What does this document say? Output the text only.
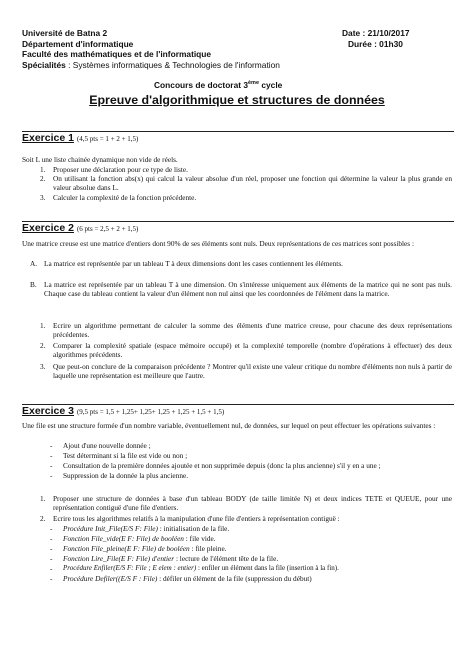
Université de Batna 2
Département d'informatique
Faculté des mathématiques et de l'informatique
Spécialités : Systèmes informatiques & Technologies de l'information
Date : 21/10/2017
Durée : 01h30
Concours de doctorat 3ème cycle
Epreuve d'algorithmique et structures de données
Exercice 1 (4,5 pts = 1 + 2 + 1,5)
Soit L une liste chainée dynamique non vide de réels.
1. Proposer une déclaration pour ce type de liste.
2. On utilisant la fonction abs(x) qui calcul la valeur absolue d'un réel, proposer une fonction qui détermine la valeur la plus grande en valeur absolue dans L.
3. Calculer la complexité de la fonction précédente.
Exercice 2 (6 pts = 2,5 + 2 + 1,5)
Une matrice creuse est une matrice d'entiers dont 90% de ses éléments sont nuls. Deux représentations de ces matrices sont possibles :
A. La matrice est représentée par un tableau T à deux dimensions dont les cases contiennent les éléments.
B. La matrice est représentée par un tableau T à une dimension. On s'intéresse uniquement aux éléments de la matrice qui ne sont pas nuls. Chaque case du tableau contient la valeur d'un élément non nul ainsi que les coordonnées de l'élément dans la matrice.
1. Ecrire un algorithme permettant de calculer la somme des éléments d'une matrice creuse, pour chacune des deux représentations précédentes.
2. Comparer la complexité spatiale (espace mémoire occupé) et la complexité temporelle (nombre d'opérations à effectuer) des deux algorithmes précédents.
3. Que peut-on conclure de la comparaison précédente ? Montrer qu'il existe une valeur critique du nombre d'éléments non nuls à partir de laquelle une représentation est meilleure que l'autre.
Exercice 3 (9,5 pts = 1,5 + 1,25+ 1,25+ 1,25 + 1,25 + 1,5 + 1,5)
Une file est une structure formée d'un nombre variable, éventuellement nul, de données, sur lequel on peut effectuer les opérations suivantes :
- Ajout d'une nouvelle donnée ;
- Test déterminant si la file est vide ou non ;
- Consultation de la première données ajoutée et non supprimée depuis (donc la plus ancienne) s'il y en a une ;
- Suppression de la donnée la plus ancienne.
1. Proposer une structure de données à base d'un tableau BODY (de taille limitée N) et deux indices TETE et QUEUE, pour une représentation contiguë d'une file d'entiers.
2. Ecrire tous les algorithmes relatifs à la manipulation d'une file d'entiers à représentation contiguë :
- Procédure Init_File(E/S F: File) : initialisation de la file.
- Fonction File_vide(E F: File) de booléen : file vide.
- Fonction File_pleine(E F: File) de booléen : file pleine.
- Fonction Lire_File(E F: File) d'entier : lecture de l'élément tête de la file.
- Procédure Enfiler(E/S F: File ; E elem : entier) : enfiler un élément dans la file (insertion à la fin).
- Procédure Defiler((E/S F : File) : défiler un élément de la file (suppression du début)
